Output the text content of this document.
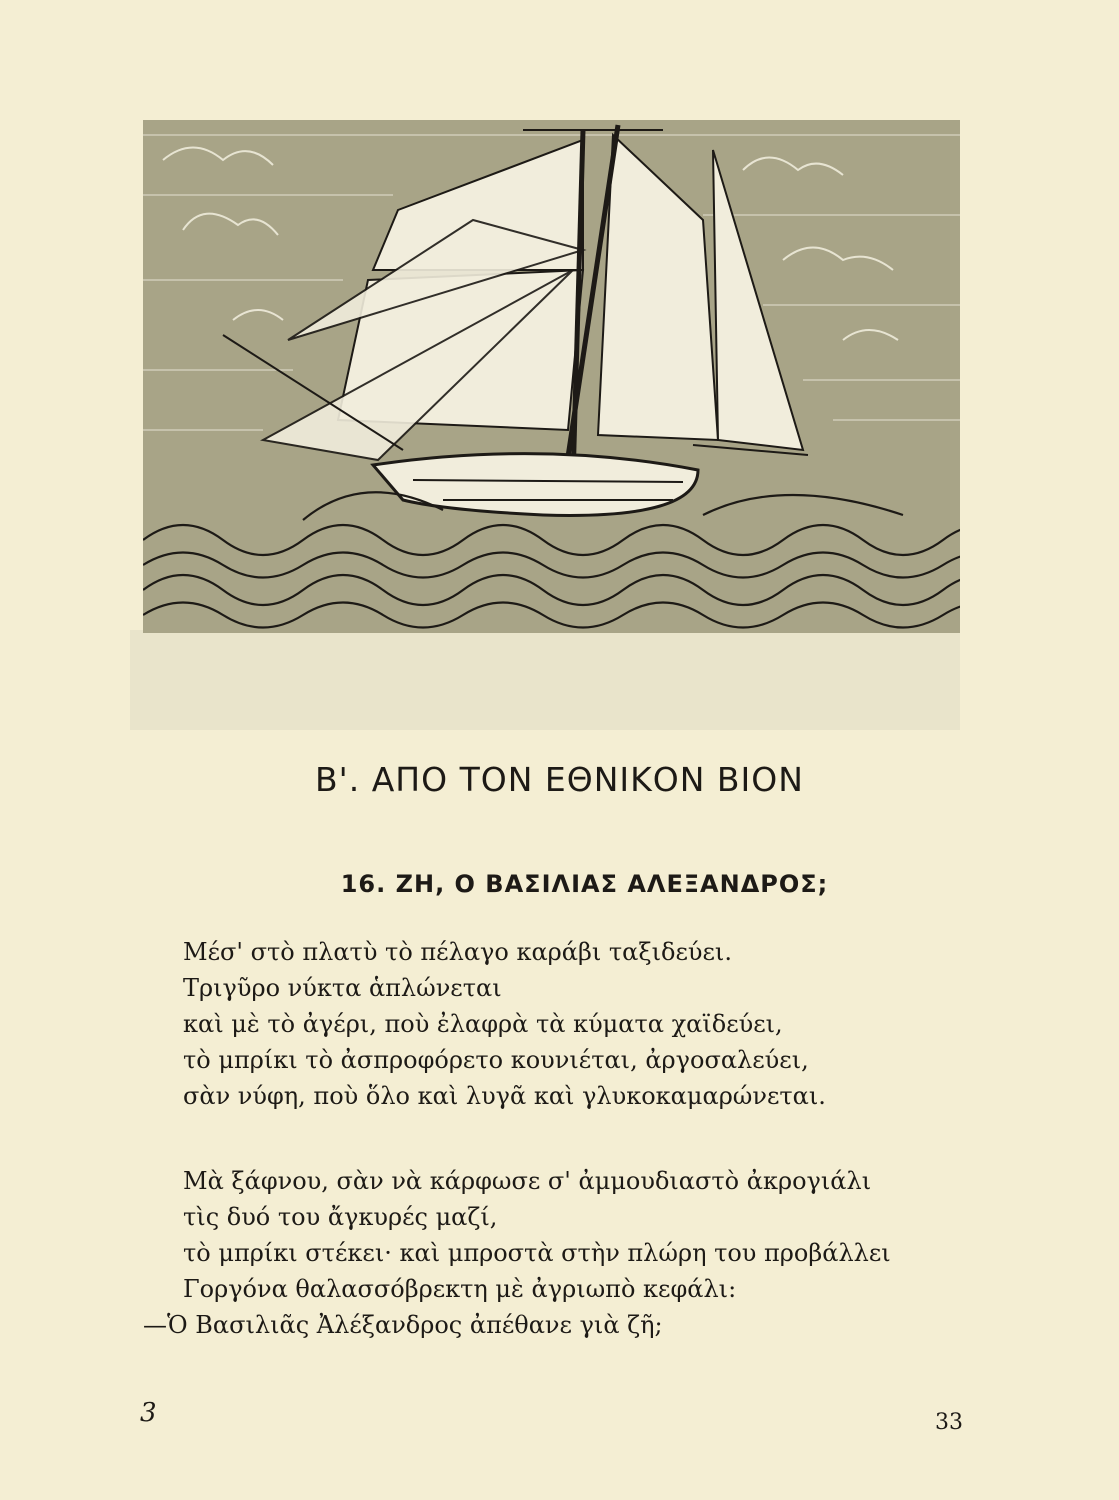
Β'. ΑΠΟ ΤΟΝ ΕΘΝΙΚΟΝ ΒΙΟΝ
16. ΖΗ, Ο ΒΑΣΙΛΙΑΣ ΑΛΕΞΑΝΔΡΟΣ;
Μέσ' στὸ πλατὺ τὸ πέλαγο καράβι ταξιδεύει.
Τριγῦρο νύκτα ἁπλώνεται
καὶ μὲ τὸ ἀγέρι, ποὺ ἐλαφρὰ τὰ κύματα χαϊδεύει,
τὸ μπρίκι τὸ ἀσπροφόρετο κουνιέται, ἀργοσαλεύει,
σὰν νύφη, ποὺ ὅλο καὶ λυγᾶ καὶ γλυκοκαμαρώνεται.
Μὰ ξάφνου, σὰν νὰ κάρφωσε σ' ἀμμουδιαστὸ ἀκρογιάλι
τὶς δυό του ἄγκυρές μαζί,
τὸ μπρίκι στέκει· καὶ μπροστὰ στὴν πλώρη του προβάλλει
Γοργόνα θαλασσόβρεκτη μὲ ἀγριωπὸ κεφάλι:
—Ὁ Βασιλιᾶς Ἀλέξανδρος ἀπέθανε γιὰ ζῆ;
3	33
